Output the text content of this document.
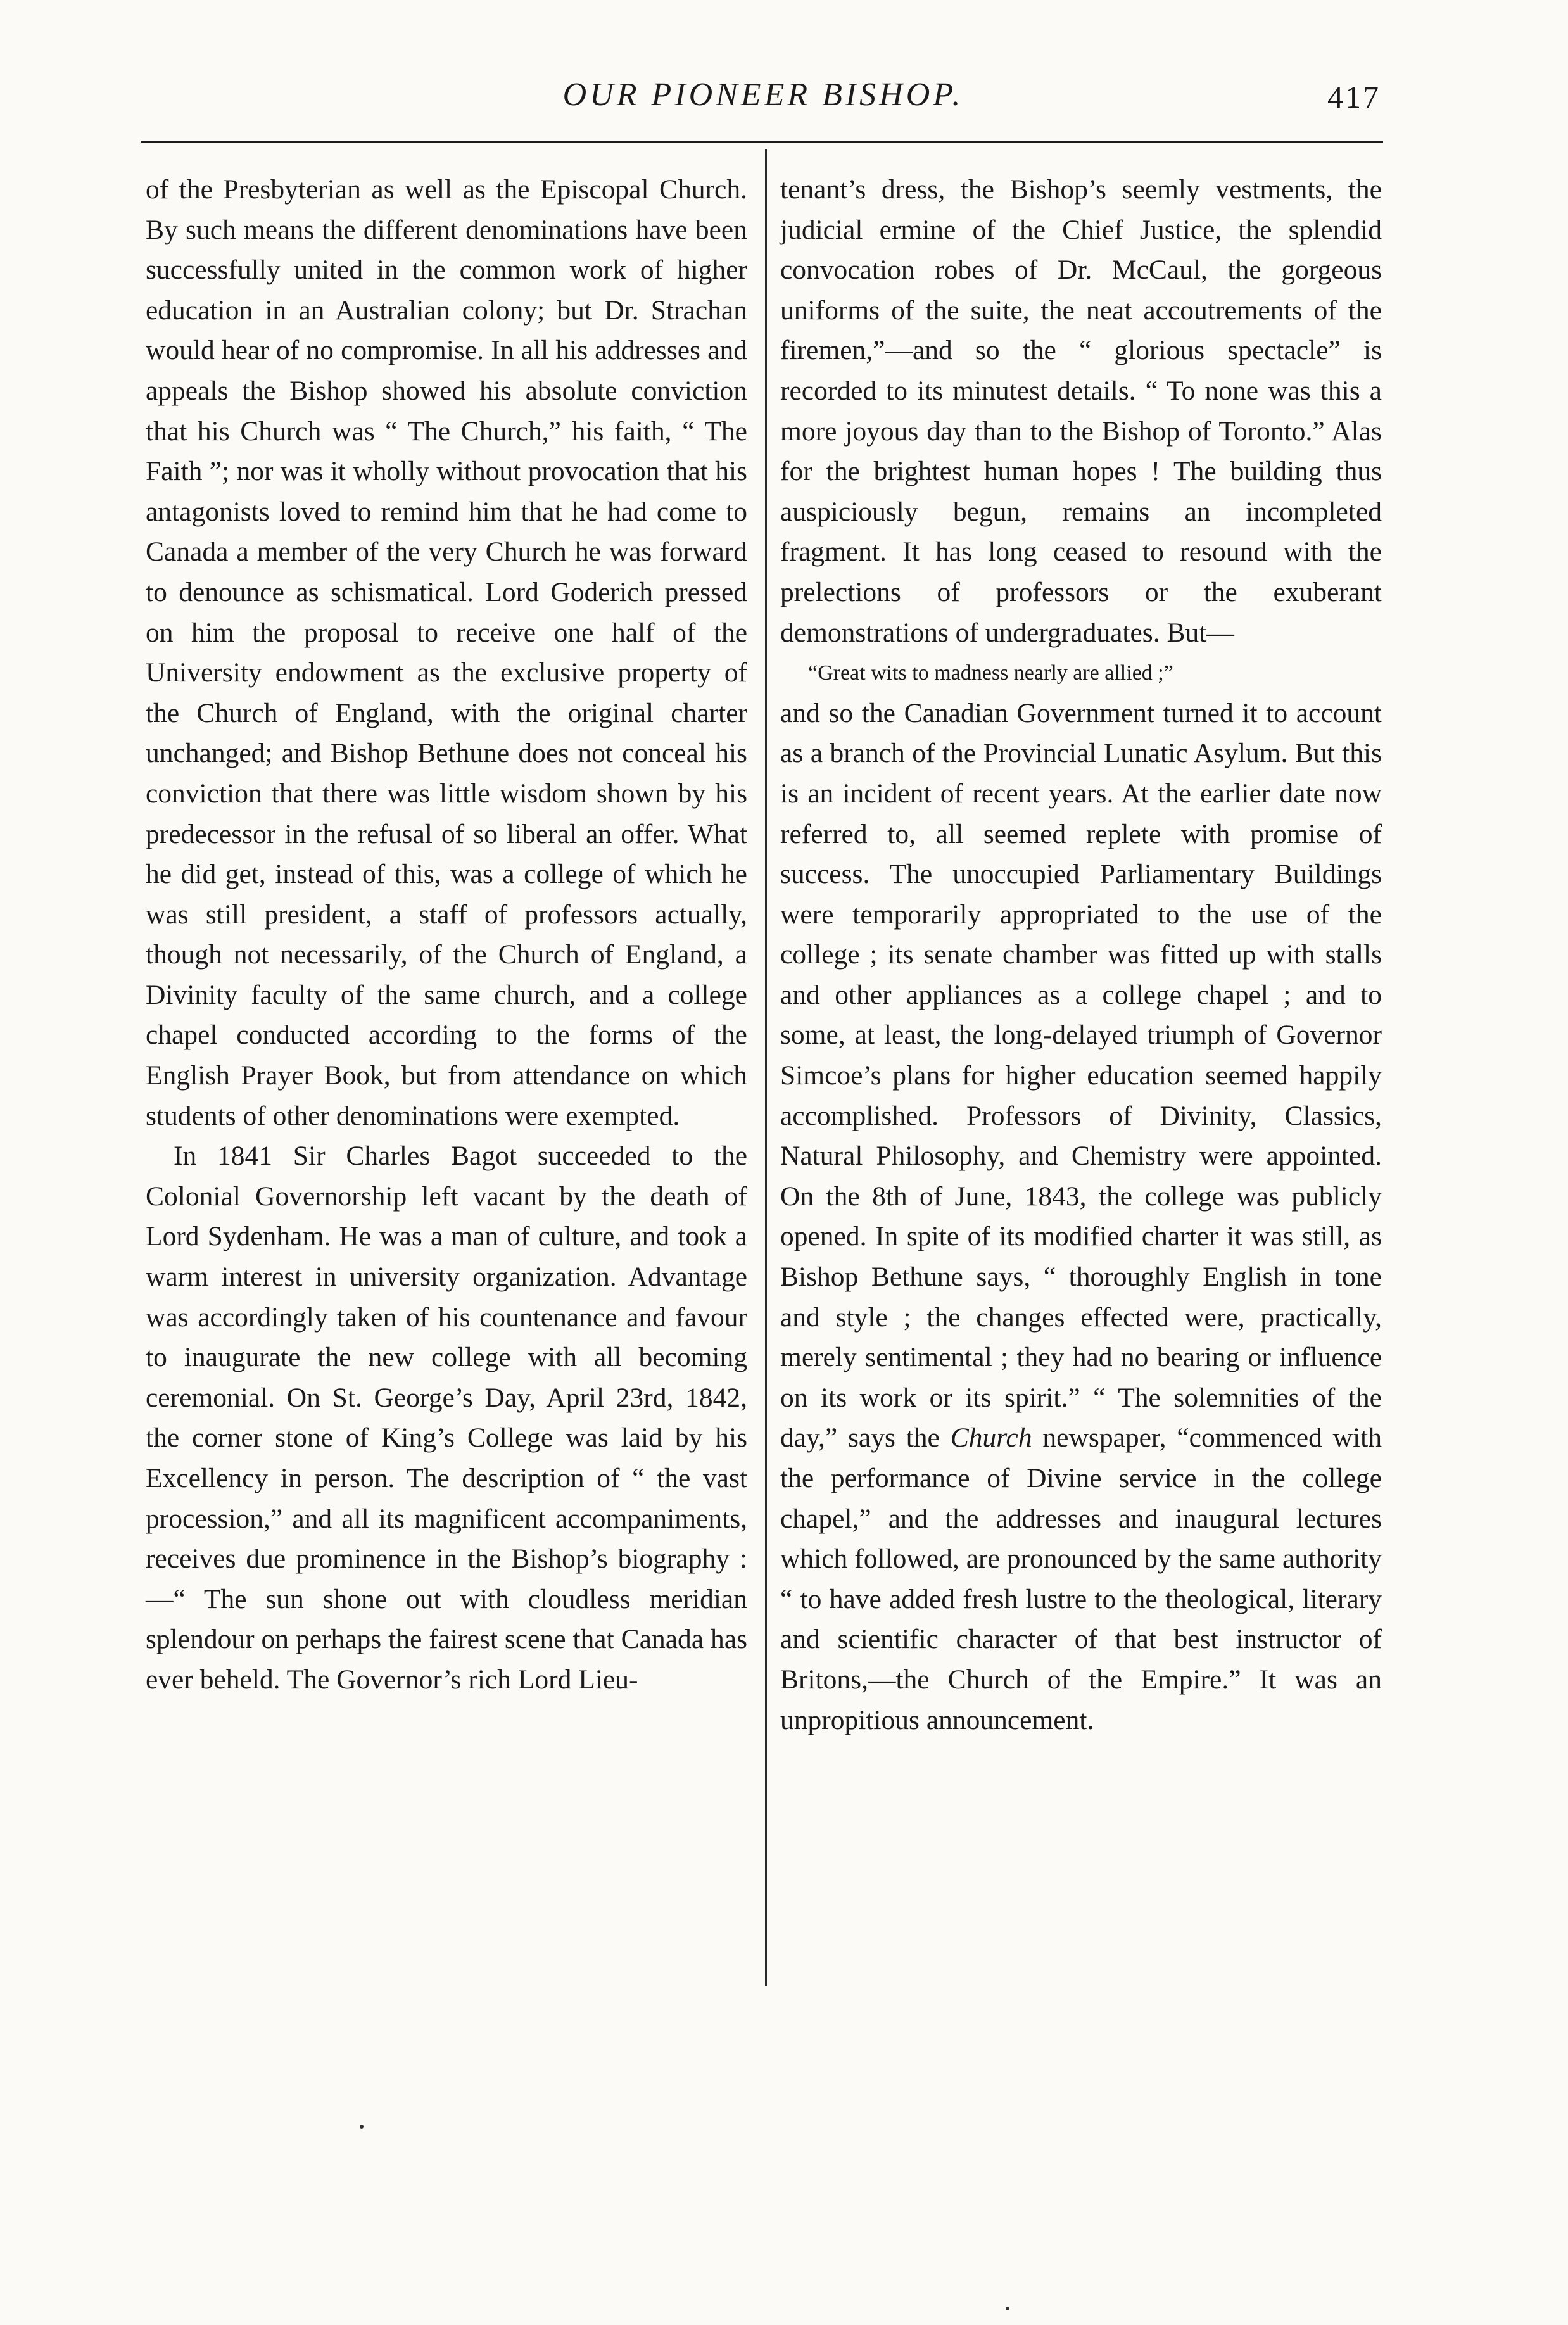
OUR PIONEER BISHOP.	417

of the Presbyterian as well as the Episcopal Church. By such means the different denominations have been successfully united in the common work of higher education in an Australian colony; but Dr. Strachan would hear of no compromise. In all his addresses and appeals the Bishop showed his absolute conviction that his Church was “ The Church,” his faith, “ The Faith ”; nor was it wholly without provocation that his antagonists loved to remind him that he had come to Canada a member of the very Church he was forward to denounce as schismatical. Lord Goderich pressed on him the proposal to receive one half of the University endowment as the exclusive property of the Church of England, with the original charter unchanged; and Bishop Bethune does not conceal his conviction that there was little wisdom shown by his predecessor in the refusal of so liberal an offer. What he did get, instead of this, was a college of which he was still president, a staff of professors actually, though not necessarily, of the Church of England, a Divinity faculty of the same church, and a college chapel conducted according to the forms of the English Prayer Book, but from attendance on which students of other denominations were exempted.

In 1841 Sir Charles Bagot succeeded to the Colonial Governorship left vacant by the death of Lord Sydenham. He was a man of culture, and took a warm interest in university organization. Advantage was accordingly taken of his countenance and favour to inaugurate the new college with all becoming ceremonial. On St. George’s Day, April 23rd, 1842, the corner stone of King’s College was laid by his Excellency in person. The description of “ the vast procession,” and all its magnificent accompaniments, receives due prominence in the Bishop’s biography :—“ The sun shone out with cloudless meridian splendour on perhaps the fairest scene that Canada has ever beheld. The Governor’s rich Lord Lieu-

tenant’s dress, the Bishop’s seemly vestments, the judicial ermine of the Chief Justice, the splendid convocation robes of Dr. McCaul, the gorgeous uniforms of the suite, the neat accoutrements of the firemen,”—and so the “ glorious spectacle” is recorded to its minutest details. “ To none was this a more joyous day than to the Bishop of Toronto.” Alas for the brightest human hopes ! The building thus auspiciously begun, remains an incompleted fragment. It has long ceased to resound with the prelections of professors or the exuberant demonstrations of undergraduates. But—

“Great wits to madness nearly are allied ;”

and so the Canadian Government turned it to account as a branch of the Provincial Lunatic Asylum. But this is an incident of recent years. At the earlier date now referred to, all seemed replete with promise of success. The unoccupied Parliamentary Buildings were temporarily appropriated to the use of the college ; its senate chamber was fitted up with stalls and other appliances as a college chapel ; and to some, at least, the long-delayed triumph of Governor Simcoe’s plans for higher education seemed happily accomplished. Professors of Divinity, Classics, Natural Philosophy, and Chemistry were appointed. On the 8th of June, 1843, the college was publicly opened. In spite of its modified charter it was still, as Bishop Bethune says, “ thoroughly English in tone and style ; the changes effected were, practically, merely sentimental ; they had no bearing or influence on its work or its spirit.” “ The solemnities of the day,” says the Church newspaper, “commenced with the performance of Divine service in the college chapel,” and the addresses and inaugural lectures which followed, are pronounced by the same authority “ to have added fresh lustre to the theological, literary and scientific character of that best instructor of Britons,—the Church of the Empire.” It was an unpropitious announcement.
